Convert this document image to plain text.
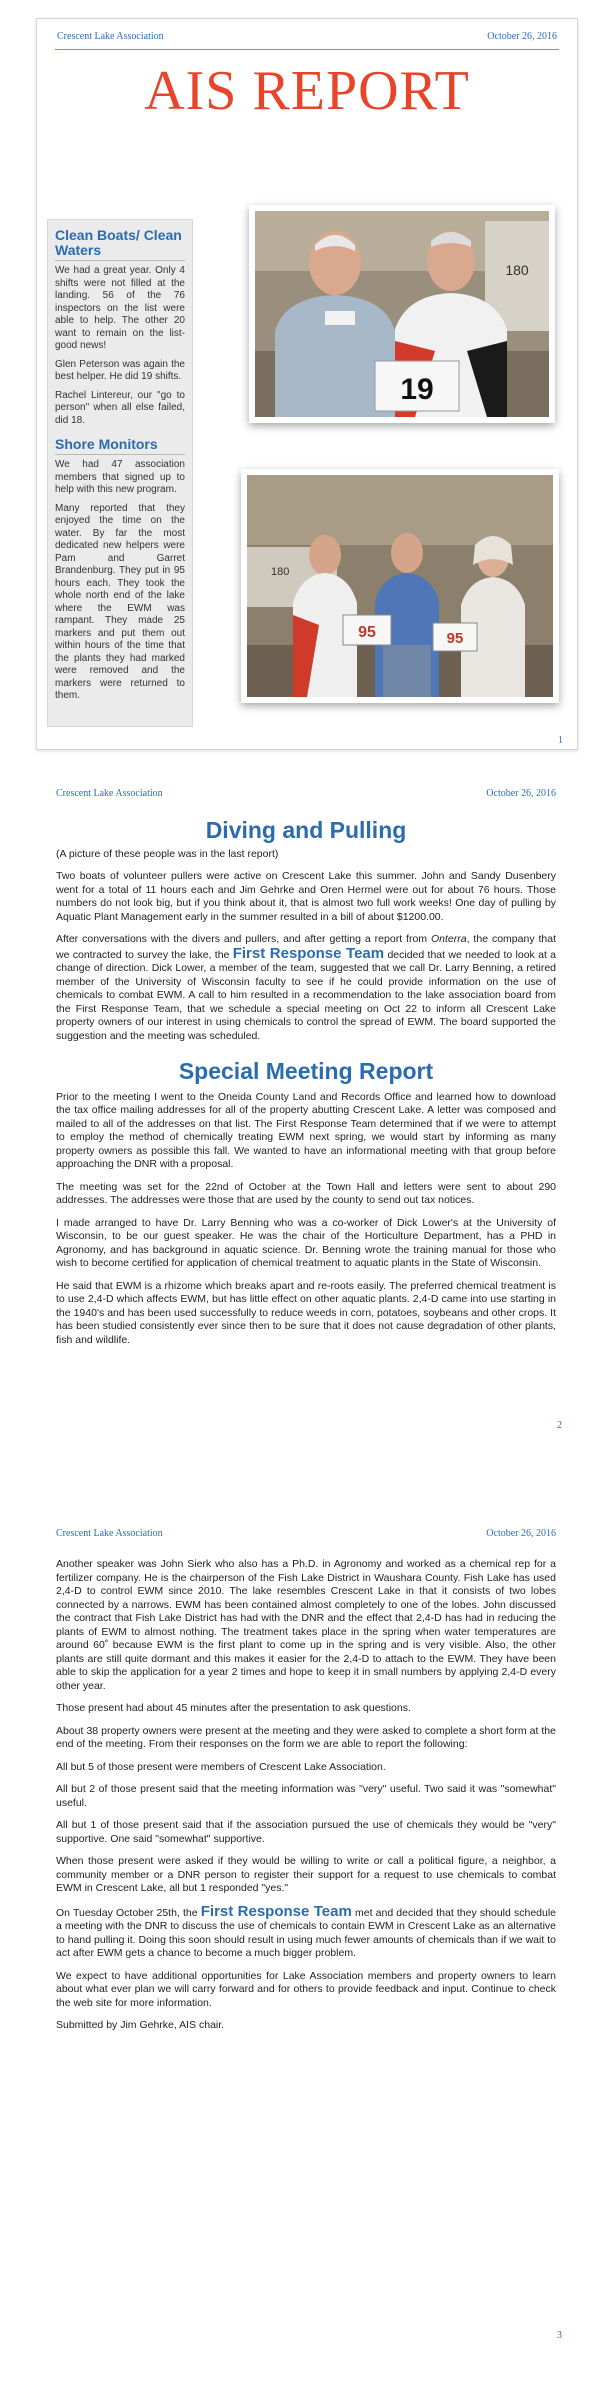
Crescent Lake Association	October 26, 2016
AIS REPORT
Clean Boats/ Clean Waters

We had a great year. Only 4 shifts were not filled at the landing. 56 of the 76 inspectors on the list were able to help. The other 20 want to remain on the list- good news!

Glen Peterson was again the best helper. He did 19 shifts.

Rachel Lintereur, our "go to person" when all else failed, did 18.

Shore Monitors

We had 47 association members that signed up to help with this new program.

Many reported that they enjoyed the time on the water. By far the most dedicated new helpers were Pam and Garret Brandenburg. They put in 95 hours each. They took the whole north end of the lake where the EWM was rampant. They made 25 markers and put them out within hours of the time that the plants they had marked were removed and the markers were returned to them.

180
19
180
95	95
1
Crescent Lake Association	October 26, 2016
Diving and Pulling

(A picture of these people was in the last report)

Two boats of volunteer pullers were active on Crescent Lake this summer. John and Sandy Dusenbery went for a total of 11 hours each and Jim Gehrke and Oren Hermel were out for about 76 hours. Those numbers do not look big, but if you think about it, that is almost two full work weeks! One day of pulling by Aquatic Plant Management early in the summer resulted in a bill of about $1200.00.

After conversations with the divers and pullers, and after getting a report from Onterra, the company that we contracted to survey the lake, the First Response Team decided that we needed to look at a change of direction. Dick Lower, a member of the team, suggested that we call Dr. Larry Benning, a retired member of the University of Wisconsin faculty to see if he could provide information on the use of chemicals to combat EWM. A call to him resulted in a recommendation to the lake association board from the First Response Team, that we schedule a special meeting on Oct 22 to inform all Crescent Lake property owners of our interest in using chemicals to control the spread of EWM. The board supported the suggestion and the meeting was scheduled.

Special Meeting Report

Prior to the meeting I went to the Oneida County Land and Records Office and learned how to download the tax office mailing addresses for all of the property abutting Crescent Lake. A letter was composed and mailed to all of the addresses on that list. The First Response Team determined that if we were to attempt to employ the method of chemically treating EWM next spring, we would start by informing as many property owners as possible this fall. We wanted to have an informational meeting with that group before approaching the DNR with a proposal.

The meeting was set for the 22nd of October at the Town Hall and letters were sent to about 290 addresses. The addresses were those that are used by the county to send out tax notices.

I made arranged to have Dr. Larry Benning who was a co-worker of Dick Lower's at the University of Wisconsin, to be our guest speaker. He was the chair of the Horticulture Department, has a PHD in Agronomy, and has background in aquatic science. Dr. Benning wrote the training manual for those who wish to become certified for application of chemical treatment to aquatic plants in the State of Wisconsin.

He said that EWM is a rhizome which breaks apart and re-roots easily. The preferred chemical treatment is to use 2,4-D which affects EWM, but has little effect on other aquatic plants. 2,4-D came into use starting in the 1940's and has been used successfully to reduce weeds in corn, potatoes, soybeans and other crops. It has been studied consistently ever since then to be sure that it does not cause degradation of other plants, fish and wildlife.

2
Crescent Lake Association	October 26, 2016

Another speaker was John Sierk who also has a Ph.D. in Agronomy and worked as a chemical rep for a fertilizer company. He is the chairperson of the Fish Lake District in Waushara County. Fish Lake has used 2,4-D to control EWM since 2010. The lake resembles Crescent Lake in that it consists of two lobes connected by a narrows. EWM has been contained almost completely to one of the lobes. John discussed the contract that Fish Lake District has had with the DNR and the effect that 2,4-D has had in reducing the plants of EWM to almost nothing. The treatment takes place in the spring when water temperatures are around 60˚ because EWM is the first plant to come up in the spring and is very visible. Also, the other plants are still quite dormant and this makes it easier for the 2,4-D to attach to the EWM. They have been able to skip the application for a year 2 times and hope to keep it in small numbers by applying 2,4-D every other year.

Those present had about 45 minutes after the presentation to ask questions.

About 38 property owners were present at the meeting and they were asked to complete a short form at the end of the meeting. From their responses on the form we are able to report the following:

All but 5 of those present were members of Crescent Lake Association.

All but 2 of those present said that the meeting information was "very" useful. Two said it was "somewhat" useful.

All but 1 of those present said that if the association pursued the use of chemicals they would be "very" supportive. One said "somewhat" supportive.

When those present were asked if they would be willing to write or call a political figure, a neighbor, a community member or a DNR person to register their support for a request to use chemicals to combat EWM in Crescent Lake, all but 1 responded "yes."

On Tuesday October 25th, the First Response Team met and decided that they should schedule a meeting with the DNR to discuss the use of chemicals to contain EWM in Crescent Lake as an alternative to hand pulling it. Doing this soon should result in using much fewer amounts of chemicals than if we wait to act after EWM gets a chance to become a much bigger problem.

We expect to have additional opportunities for Lake Association members and property owners to learn about what ever plan we will carry forward and for others to provide feedback and input. Continue to check the web site for more information.

Submitted by Jim Gehrke, AIS chair.

3
